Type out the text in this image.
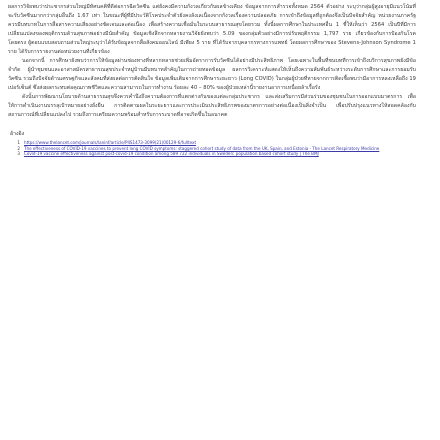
ผลการวิจัยพบว่าประชากรส่วนใหญ่มีทัศนคติที่ดีต่อการฉีดวัคซีน แต่ยังคงมีความกังวลเกี่ยวกับผลข้างเคียง ข้อมูลจากการสำรวจทั้งหมด 2564 ตัวอย่าง ระบุว่ากลุ่มผู้สูงอายุมีแนวโน้มที่จะรับวัคซีนมากกว่ากลุ่มอื่นถึง 1.67 เท่า ในขณะที่ผู้ที่มีประวัติโรคประจำตัวยังคงลังเลเนื่องจากกังวลเรื่องความปลอดภัย การเข้าถึงข้อมูลที่ถูกต้องจึงเป็นปัจจัยสำคัญ หน่วยงานภาครัฐควรมีบทบาทในการสื่อสารความเสี่ยงอย่างชัดเจนและต่อเนื่อง เพื่อสร้างความเชื่อมั่นในระบบสาธารณสุขโดยรวม ทั้งนี้ผลการศึกษาในประเทศอื่น 1 ชี้ให้เห็นว่า 2564 เป็นปีที่มีการเปลี่ยนแปลงของพฤติกรรมด้านสุขภาพอย่างมีนัยสำคัญ ข้อมูลเชิงลึกจากหลายงานวิจัยยังพบว่า 5.09 ของกลุ่มตัวอย่างมีการปรับพฤติกรรม 1,797 ราย เกี่ยวข้องกับการป้องกันโรคโดยตรง ผู้ตอบแบบสอบถามส่วนใหญ่ระบุว่าได้รับข้อมูลจากสื่อสังคมออนไลน์ มีเพียง 5 ราย ที่ได้รับจากบุคลากรทางการแพทย์ โดยผลการศึกษาของ Stevens-Johnson Syndrome 1 ราย ได้รับการรายงานต่อหน่วยงานที่เกี่ยวข้อง

นอกจากนี้ การศึกษายังพบว่าการให้ข้อมูลผ่านช่องทางที่หลากหลายช่วยเพิ่มอัตราการรับวัคซีนได้อย่างมีประสิทธิภาพ โดยเฉพาะในพื้นที่ชนบทที่การเข้าถึงบริการสุขภาพยังมีข้อจำกัด ผู้นำชุมชนและอาสาสมัครสาธารณสุขประจำหมู่บ้านมีบทบาทสำคัญในการถ่ายทอดข้อมูล ผลการวิเคราะห์แสดงให้เห็นถึงความสัมพันธ์ระหว่างระดับการศึกษาและการยอมรับวัคซีน รวมถึงปัจจัยด้านเศรษฐกิจและสังคมที่ส่งผลต่อการตัดสินใจ ข้อมูลเพิ่มเติมจากการศึกษาระยะยาว (Long COVID) ในกลุ่มผู้ป่วยที่หายจากการติดเชื้อพบว่ามีอาการหลงเหลือถึง 19 เปอร์เซ็นต์ ซึ่งส่งผลกระทบต่อคุณภาพชีวิตและความสามารถในการทำงาน ร้อยละ 40 – 80% ของผู้ป่วยเหล่านี้รายงานอาการเหนื่อยล้าเรื้อรัง

ดังนั้นการพัฒนานโยบายด้านสาธารณสุขจึงควรคำนึงถึงความต้องการที่แตกต่างกันของแต่ละกลุ่มประชากร และส่งเสริมการมีส่วนร่วมของชุมชนในการออกแบบมาตรการ เพื่อให้การดำเนินงานบรรลุเป้าหมายอย่างยั่งยืน การติดตามผลในระยะยาวและการประเมินประสิทธิภาพของมาตรการอย่างต่อเนื่องเป็นสิ่งจำเป็น เพื่อปรับปรุงแนวทางให้สอดคล้องกับสถานการณ์ที่เปลี่ยนแปลงไป รวมถึงการเตรียมความพร้อมสำหรับการระบาดที่อาจเกิดขึ้นในอนาคต

อ้างอิง
1 https://www.thelancet.com/journals/laninf/article/PIIS1473-3099(21)00129-6/fulltext
2 The effectiveness of COVID-19 vaccines to prevent long COVID symptoms: staggered cohort study of data from the UK, Spain, and Estonia - The Lancet Respiratory Medicine
3 Covid-19 vaccine effectiveness against post-covid-19 condition among 589 722 individuals in Sweden: population based cohort study | The BMJ
